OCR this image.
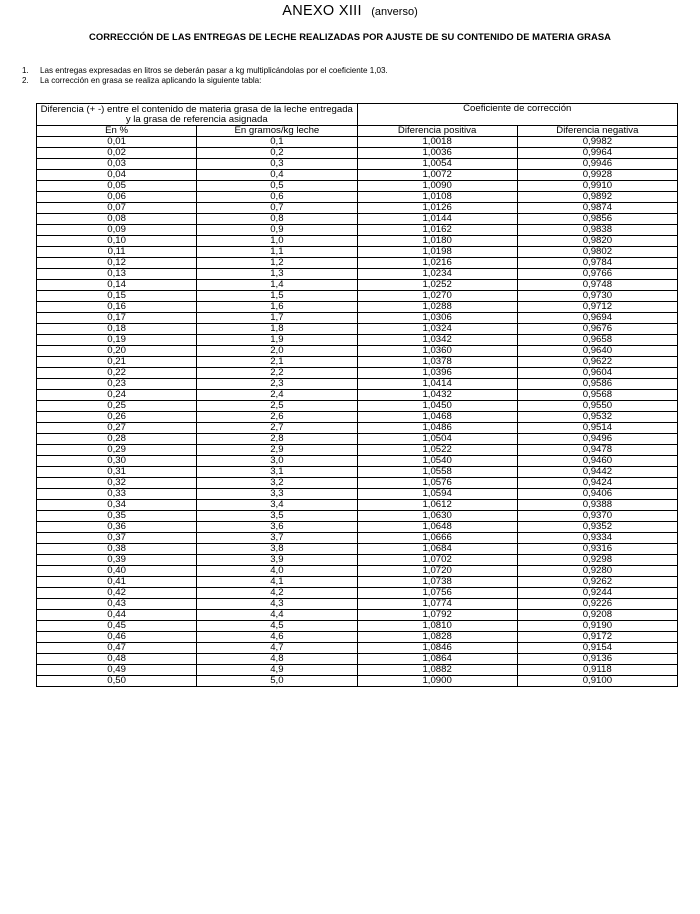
ANEXO XIII (anverso)
CORRECCIÓN DE LAS ENTREGAS DE LECHE REALIZADAS POR AJUSTE DE SU CONTENIDO DE MATERIA GRASA
1.	Las entregas expresadas en litros se deberán pasar a kg multiplicándolas por el coeficiente 1,03.
2.	La corrección en grasa se realiza aplicando la siguiente tabla:
Diferencia (+ -) entre el contenido de materia grasa de la leche entregada y la grasa de referencia asignada		Coeficiente de corrección	
En %	En gramos/kg leche	Diferencia positiva	Diferencia negativa
0,01	0,1	1,0018	0,9982
0,02	0,2	1,0036	0,9964
0,03	0,3	1,0054	0,9946
0,04	0,4	1,0072	0,9928
0,05	0,5	1,0090	0,9910
0,06	0,6	1,0108	0,9892
0,07	0,7	1,0126	0,9874
0,08	0,8	1,0144	0,9856
0,09	0,9	1,0162	0,9838
0,10	1,0	1,0180	0,9820
0,11	1,1	1,0198	0,9802
0,12	1,2	1,0216	0,9784
0,13	1,3	1,0234	0,9766
0,14	1,4	1,0252	0,9748
0,15	1,5	1,0270	0,9730
0,16	1,6	1,0288	0,9712
0,17	1,7	1,0306	0,9694
0,18	1,8	1,0324	0,9676
0,19	1,9	1,0342	0,9658
0,20	2,0	1,0360	0,9640
0,21	2,1	1,0378	0,9622
0,22	2,2	1,0396	0,9604
0,23	2,3	1,0414	0,9586
0,24	2,4	1,0432	0,9568
0,25	2,5	1,0450	0,9550
0,26	2,6	1,0468	0,9532
0,27	2,7	1,0486	0,9514
0,28	2,8	1,0504	0,9496
0,29	2,9	1,0522	0,9478
0,30	3,0	1,0540	0,9460
0,31	3,1	1,0558	0,9442
0,32	3,2	1,0576	0,9424
0,33	3,3	1,0594	0,9406
0,34	3,4	1,0612	0,9388
0,35	3,5	1,0630	0,9370
0,36	3,6	1,0648	0,9352
0,37	3,7	1,0666	0,9334
0,38	3,8	1,0684	0,9316
0,39	3,9	1,0702	0,9298
0,40	4,0	1,0720	0,9280
0,41	4,1	1,0738	0,9262
0,42	4,2	1,0756	0,9244
0,43	4,3	1,0774	0,9226
0,44	4,4	1,0792	0,9208
0,45	4,5	1,0810	0,9190
0,46	4,6	1,0828	0,9172
0,47	4,7	1,0846	0,9154
0,48	4,8	1,0864	0,9136
0,49	4,9	1,0882	0,9118
0,50	5,0	1,0900	0,9100
